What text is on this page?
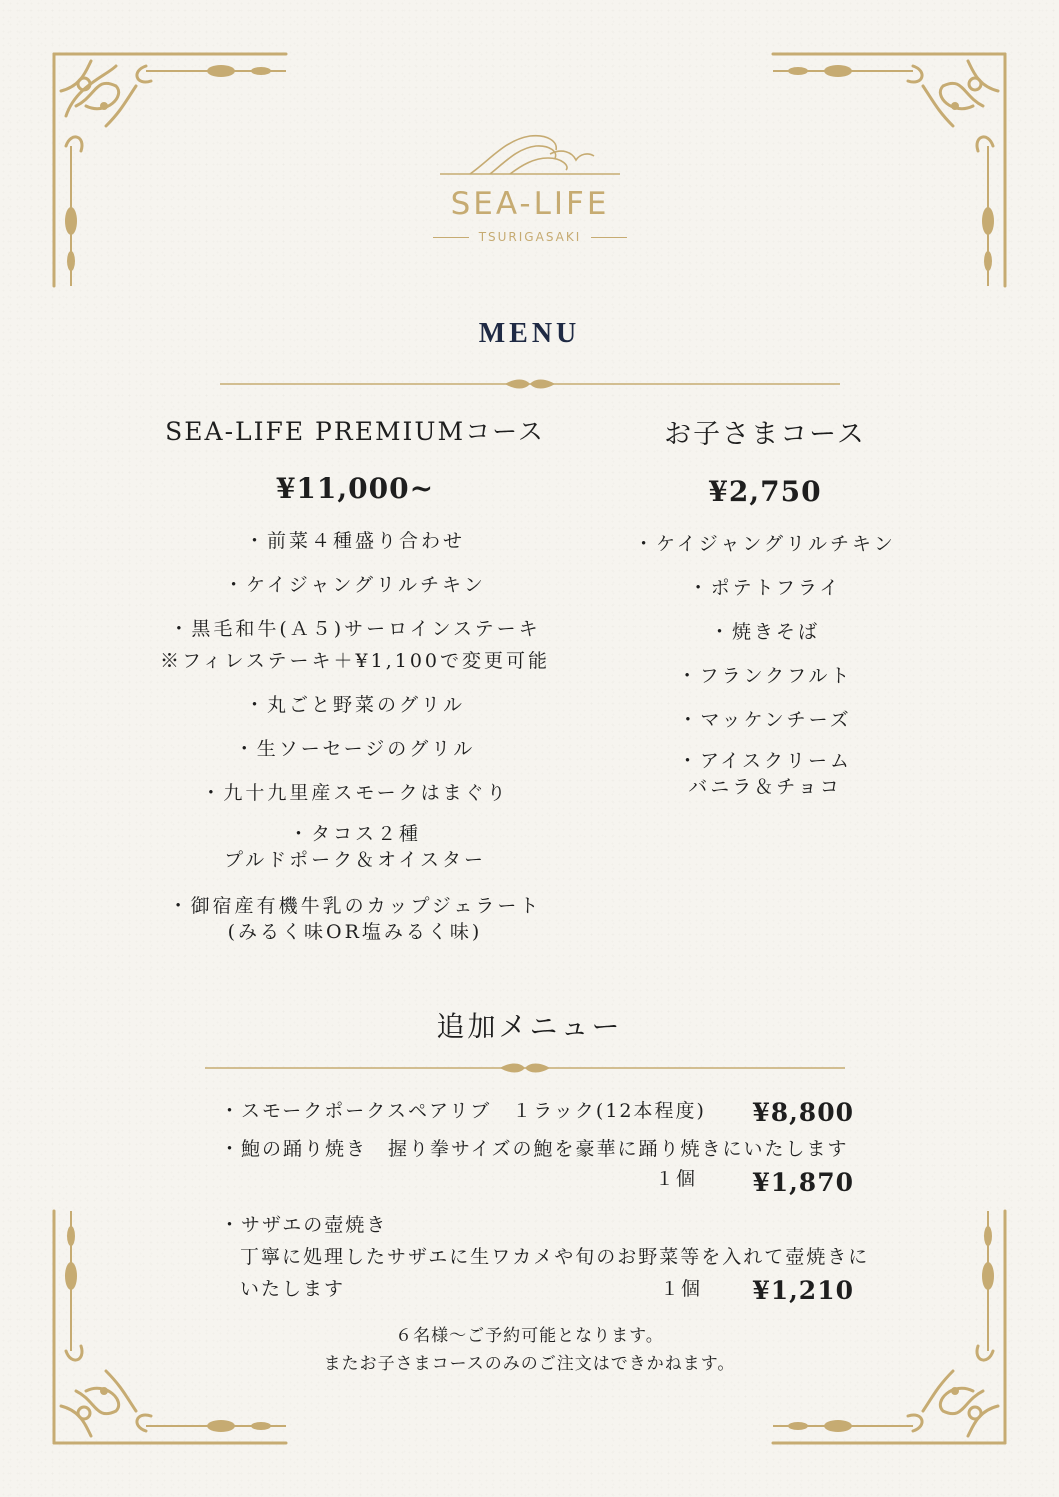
SEA-LIFE
TSURIGASAKI
MENU
SEA-LIFE PREMIUMコース
¥11,000~
・前菜４種盛り合わせ
・ケイジャングリルチキン
・黒毛和牛(Ａ５)サーロインステーキ
※フィレステーキ＋¥1,100で変更可能
・丸ごと野菜のグリル
・生ソーセージのグリル
・九十九里産スモークはまぐり
・タコス２種
プルドポーク＆オイスター
・御宿産有機牛乳のカップジェラート
(みるく味OR塩みるく味)
お子さまコース
¥2,750
・ケイジャングリルチキン
・ポテトフライ
・焼きそば
・フランクフルト
・マッケンチーズ
・アイスクリーム
バニラ＆チョコ
追加メニュー
・スモークポークスペアリブ　１ラック(12本程度) ¥8,800
・鮑の踊り焼き　握り拳サイズの鮑を豪華に踊り焼きにいたします
１個 ¥1,870
・サザエの壺焼き
丁寧に処理したサザエに生ワカメや旬のお野菜等を入れて壺焼きに
いたします	１個 ¥1,210
６名様～ご予約可能となります。
またお子さまコースのみのご注文はできかねます。
